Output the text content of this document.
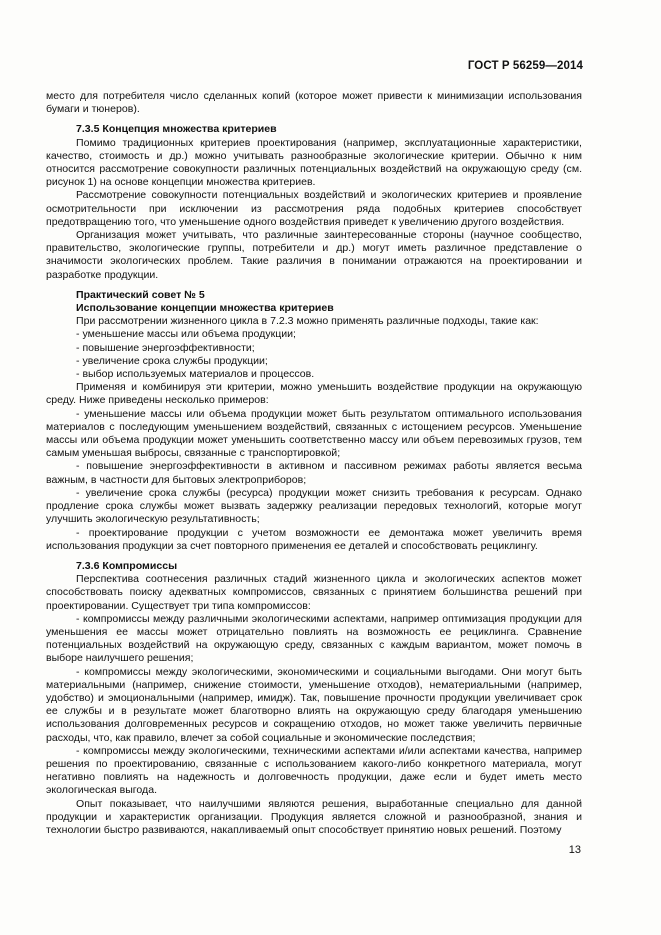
ГОСТ Р 56259—2014

место для потребителя число сделанных копий (которое может привести к минимизации использования бумаги и тюнеров).

7.3.5 Концепция множества критериев

Помимо традиционных критериев проектирования (например, эксплуатационные характеристики, качество, стоимость и др.) можно учитывать разнообразные экологические критерии. Обычно к ним относится рассмотрение совокупности различных потенциальных воздействий на окружающую среду (см. рисунок 1) на основе концепции множества критериев.

Рассмотрение совокупности потенциальных воздействий и экологических критериев и проявление осмотрительности при исключении из рассмотрения ряда подобных критериев способствует предотвращению того, что уменьшение одного воздействия приведет к увеличению другого воздействия.

Организация может учитывать, что различные заинтересованные стороны (научное сообщество, правительство, экологические группы, потребители и др.) могут иметь различное представление о значимости экологических проблем. Такие различия в понимании отражаются на проектировании и разработке продукции.

Практический совет № 5
Использование концепции множества критериев

При рассмотрении жизненного цикла в 7.2.3 можно применять различные подходы, такие как:

- уменьшение массы или объема продукции;

- повышение энергоэффективности;

- увеличение срока службы продукции;

- выбор используемых материалов и процессов.

Применяя и комбинируя эти критерии, можно уменьшить воздействие продукции на окружающую среду. Ниже приведены несколько примеров:

- уменьшение массы или объема продукции может быть результатом оптимального использования материалов с последующим уменьшением воздействий, связанных с истощением ресурсов. Уменьшение массы или объема продукции может уменьшить соответственно массу или объем перевозимых грузов, тем самым уменьшая выбросы, связанные с транспортировкой;

- повышение энергоэффективности в активном и пассивном режимах работы является весьма важным, в частности для бытовых электроприборов;

- увеличение срока службы (ресурса) продукции может снизить требования к ресурсам. Однако продление срока службы может вызвать задержку реализации передовых технологий, которые могут улучшить экологическую результативность;

- проектирование продукции с учетом возможности ее демонтажа может увеличить время использования продукции за счет повторного применения ее деталей и способствовать рециклингу.

7.3.6 Компромиссы

Перспектива соотнесения различных стадий жизненного цикла и экологических аспектов может способствовать поиску адекватных компромиссов, связанных с принятием большинства решений при проектировании. Существует три типа компромиссов:

- компромиссы между различными экологическими аспектами, например оптимизация продукции для уменьшения ее массы может отрицательно повлиять на возможность ее рециклинга. Сравнение потенциальных воздействий на окружающую среду, связанных с каждым вариантом, может помочь в выборе наилучшего решения;

- компромиссы между экологическими, экономическими и социальными выгодами. Они могут быть материальными (например, снижение стоимости, уменьшение отходов), нематериальными (например, удобство) и эмоциональными (например, имидж). Так, повышение прочности продукции увеличивает срок ее службы и в результате может благотворно влиять на окружающую среду благодаря уменьшению использования долговременных ресурсов и сокращению отходов, но может также увеличить первичные расходы, что, как правило, влечет за собой социальные и экономические последствия;

- компромиссы между экологическими, техническими аспектами и/или аспектами качества, например решения по проектированию, связанные с использованием какого-либо конкретного материала, могут негативно повлиять на надежность и долговечность продукции, даже если и будет иметь место экологическая выгода.

Опыт показывает, что наилучшими являются решения, выработанные специально для данной продукции и характеристик организации. Продукция является сложной и разнообразной, знания и технологии быстро развиваются, накапливаемый опыт способствует принятию новых решений. Поэтому

13
